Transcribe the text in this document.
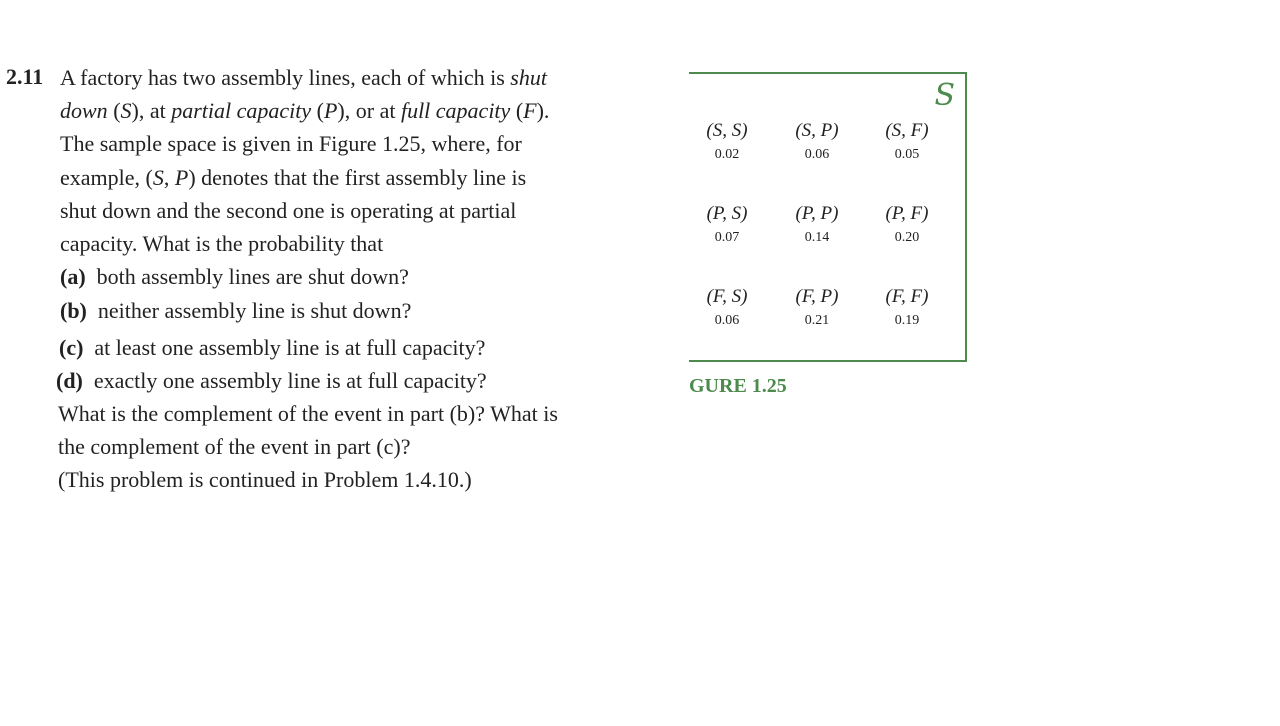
2.11 A factory has two assembly lines, each of which is shut
down (S), at partial capacity (P), or at full capacity (F).
The sample space is given in Figure 1.25, where, for
example, (S, P) denotes that the first assembly line is
shut down and the second one is operating at partial
capacity. What is the probability that
(a) both assembly lines are shut down?
(b) neither assembly line is shut down?
(c) at least one assembly line is at full capacity?
(d) exactly one assembly line is at full capacity?
What is the complement of the event in part (b)? What is
the complement of the event in part (c)?
(This problem is continued in Problem 1.4.10.)
S
(S, S)
0.02
(S, P)
0.06
(S, F)
0.05
(P, S)
0.07
(P, P)
0.14
(P, F)
0.20
(F, S)
0.06
(F, P)
0.21
(F, F)
0.19
GURE 1.25
